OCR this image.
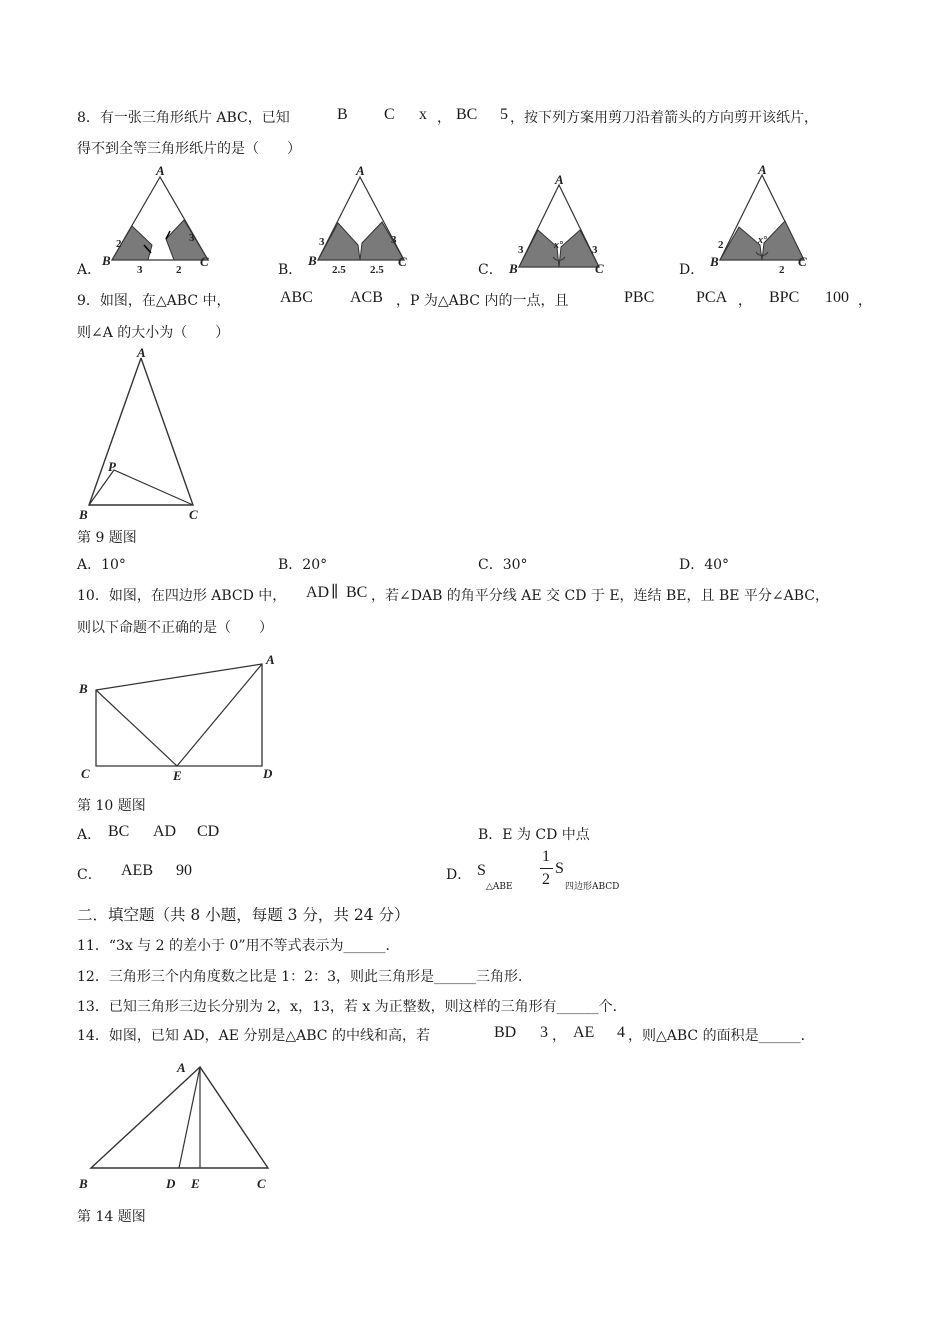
8．有一张三角形纸片 ABC，已知	B C x ， BC 5 ，按下列方案用剪刀沿着箭头的方向剪开该纸片，
得不到全等三角形纸片的是（　　）
A．
A
B	C
2	3
3	2	B．
A
B	C
3	3
2.5 2.5	C．
A
B	C
3	3
x°
D．
A
B	C
2
2
x°
9．如图，在△ABC 中，	ABC ACB ，P 为△ABC 内的一点，且	PBC	PCA ， BPC 100 ，
则∠A 的大小为（　　）
A
P
B	C
第 9 题图
A．10°	B．20°	C．30°	D．40°
10．如图，在四边形 ABCD 中， AD ∥ BC ，若∠DAB 的角平分线 AE 交 CD 于 E，连结 BE，且 BE 平分∠ABC，
则以下命题不正确的是（　　）
A
B
C	D
E
第 10 题图
A． BC AD CD	B．E 为 CD 中点
C． AEB 90	D． S
△ABE
1
2
S
四边形ABCD
二．填空题（共 8 小题，每题 3 分，共 24 分）
11．“3x 与 2 的差小于 0”用不等式表示为______．
12．三角形三个内角度数之比是 1：2：3，则此三角形是______三角形．
13．已知三角形三边长分别为 2，x，13，若 x 为正整数，则这样的三角形有______个．
14．如图，已知 AD，AE 分别是△ABC 的中线和高，若	BD 3 ， AE 4 ，则△ABC 的面积是______．
A
B	D E	C
第 14 题图
